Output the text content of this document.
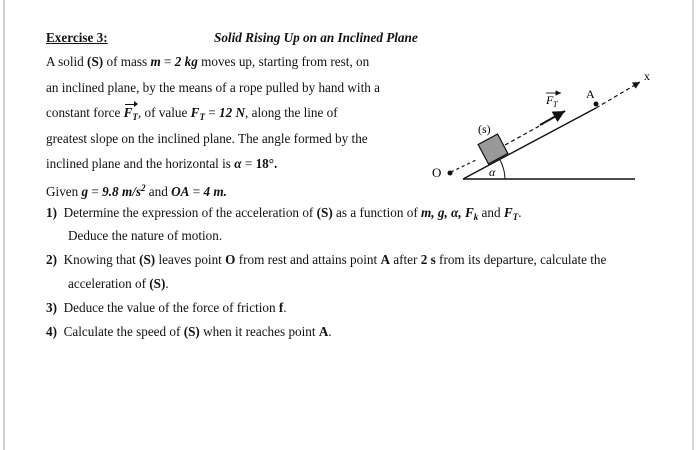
Exercise 3:	Solid Rising Up on an Inclined Plane
A solid (S) of mass m = 2 kg moves up, starting from rest, on
an inclined plane, by the means of a rope pulled by hand with a
constant force $F_T$, of value $F_T = 12$ N, along the line of
greatest slope on the inclined plane. The angle formed by the
inclined plane and the horizontal is α = 18°.
Given g = 9.8 $m/s^2$ and OA = 4 m.
1) Determine the expression of the acceleration of (S) as a function of m, g, α, $F_k$ and $F_T$.
Deduce the nature of motion.
2) Knowing that (S) leaves point O from rest and attains point A after 2 s from its departure, calculate the
acceleration of (S).
3) Deduce the value of the force of friction f.
4) Calculate the speed of (S) when it reaches point A.
O
(s)
A
x
α
F T
